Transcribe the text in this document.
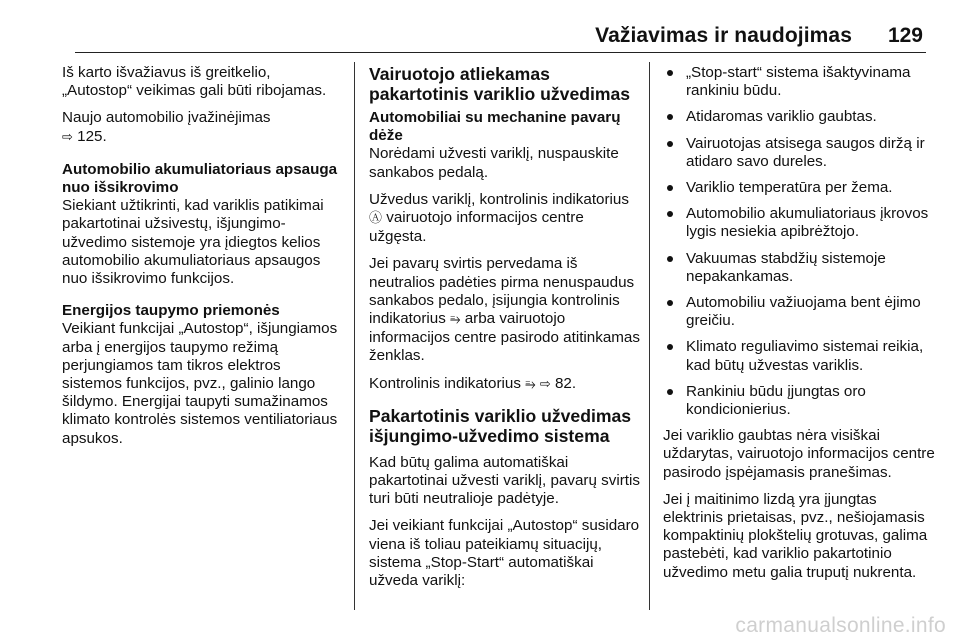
Važiavimas ir naudojimas 129

Iš karto išvažiavus iš greitkelio, „Autostop“ veikimas gali būti ribojamas.

Naujo automobilio įvažinėjimas
⇨ 125.

Automobilio akumuliatoriaus apsauga nuo išsikrovimo

Siekiant užtikrinti, kad variklis patikimai pakartotinai užsivestų, išjungimo-užvedimo sistemoje yra įdiegtos kelios automobilio akumuliatoriaus apsaugos nuo išsikrovimo funkcijos.

Energijos taupymo priemonės

Veikiant funkcijai „Autostop“, išjungiamos arba į energijos taupymo režimą perjungiamos tam tikros elektros sistemos funkcijos, pvz., galinio lango šildymo. Energijai taupyti sumažinamos klimato kontrolės sistemos ventiliatoriaus apsukos.

Vairuotojo atliekamas pakartotinis variklio užvedimas
Automobiliai su mechanine pavarų dėže

Norėdami užvesti variklį, nuspauskite sankabos pedalą.

Užvedus variklį, kontrolinis indikatorius Ⓐ vairuotojo informacijos centre užgęsta.

Jei pavarų svirtis pervedama iš neutralios padėties pirma nenuspaudus sankabos pedalo, įsijungia kontrolinis indikatorius ⥱ arba vairuotojo informacijos centre pasirodo atitinkamas ženklas.

Kontrolinis indikatorius ⥱ ⇨ 82.

Pakartotinis variklio užvedimas išjungimo-užvedimo sistema

Kad būtų galima automatiškai pakartotinai užvesti variklį, pavarų svirtis turi būti neutralioje padėtyje.

Jei veikiant funkcijai „Autostop“ susidaro viena iš toliau pateikiamų situacijų, sistema „Stop-Start“ automatiškai užveda variklį:

„Stop-start“ sistema išaktyvinama rankiniu būdu.
Atidaromas variklio gaubtas.
Vairuotojas atsisega saugos diržą ir atidaro savo dureles.
Variklio temperatūra per žema.
Automobilio akumuliatoriaus įkrovos lygis nesiekia apibrėžtojo.
Vakuumas stabdžių sistemoje nepakankamas.
Automobiliu važiuojama bent ėjimo greičiu.
Klimato reguliavimo sistemai reikia, kad būtų užvestas variklis.
Rankiniu būdu įjungtas oro kondicionierius.

Jei variklio gaubtas nėra visiškai uždarytas, vairuotojo informacijos centre pasirodo įspėjamasis pranešimas.

Jei į maitinimo lizdą yra įjungtas elektrinis prietaisas, pvz., nešiojamasis kompaktinių plokštelių grotuvas, galima pastebėti, kad variklio pakartotinio užvedimo metu galia truputį nukrenta.

carmanualsonline.info
